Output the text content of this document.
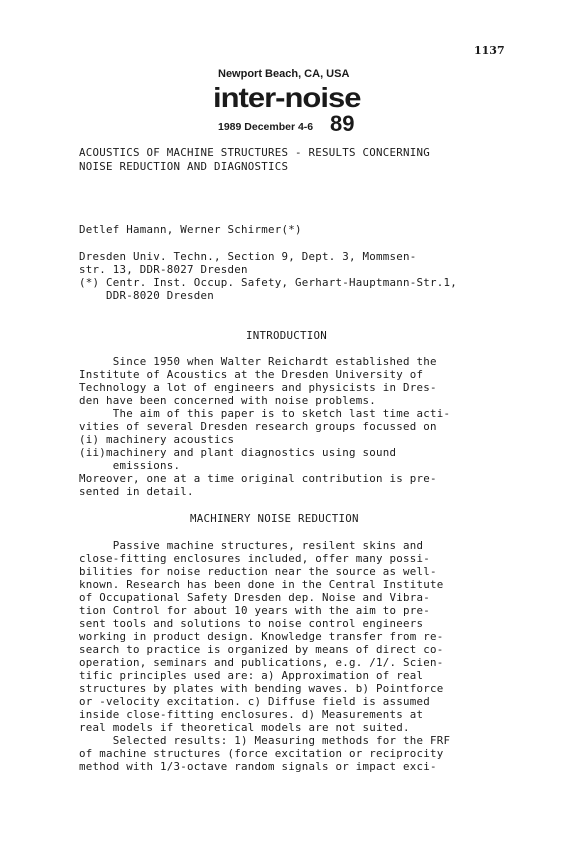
1137
Newport Beach, CA, USA
inter-noise
1989 December 4-6 89
ACOUSTICS OF MACHINE STRUCTURES - RESULTS CONCERNING
NOISE REDUCTION AND DIAGNOSTICS
Detlef Hamann, Werner Schirmer(*)
Dresden Univ. Techn., Section 9, Dept. 3, Mommsen-
str. 13, DDR-8027 Dresden
(*) Centr. Inst. Occup. Safety, Gerhart-Hauptmann-Str.1,
DDR-8020 Dresden
INTRODUCTION
Since 1950 when Walter Reichardt established the
Institute of Acoustics at the Dresden University of
Technology a lot of engineers and physicists in Dres-
den have been concerned with noise problems.
The aim of this paper is to sketch last time acti-
vities of several Dresden research groups focussed on
(i) machinery acoustics
(ii)machinery and plant diagnostics using sound
emissions.
Moreover, one at a time original contribution is pre-
sented in detail.
MACHINERY NOISE REDUCTION
Passive machine structures, resilent skins and
close-fitting enclosures included, offer many possi-
bilities for noise reduction near the source as well-
known. Research has been done in the Central Institute
of Occupational Safety Dresden dep. Noise and Vibra-
tion Control for about 10 years with the aim to pre-
sent tools and solutions to noise control engineers
working in product design. Knowledge transfer from re-
search to practice is organized by means of direct co-
operation, seminars and publications, e.g. /1/. Scien-
tific principles used are: a) Approximation of real
structures by plates with bending waves. b) Pointforce
or -velocity excitation. c) Diffuse field is assumed
inside close-fitting enclosures. d) Measurements at
real models if theoretical models are not suited.
Selected results: 1) Measuring methods for the FRF
of machine structures (force excitation or reciprocity
method with 1/3-octave random signals or impact exci-
